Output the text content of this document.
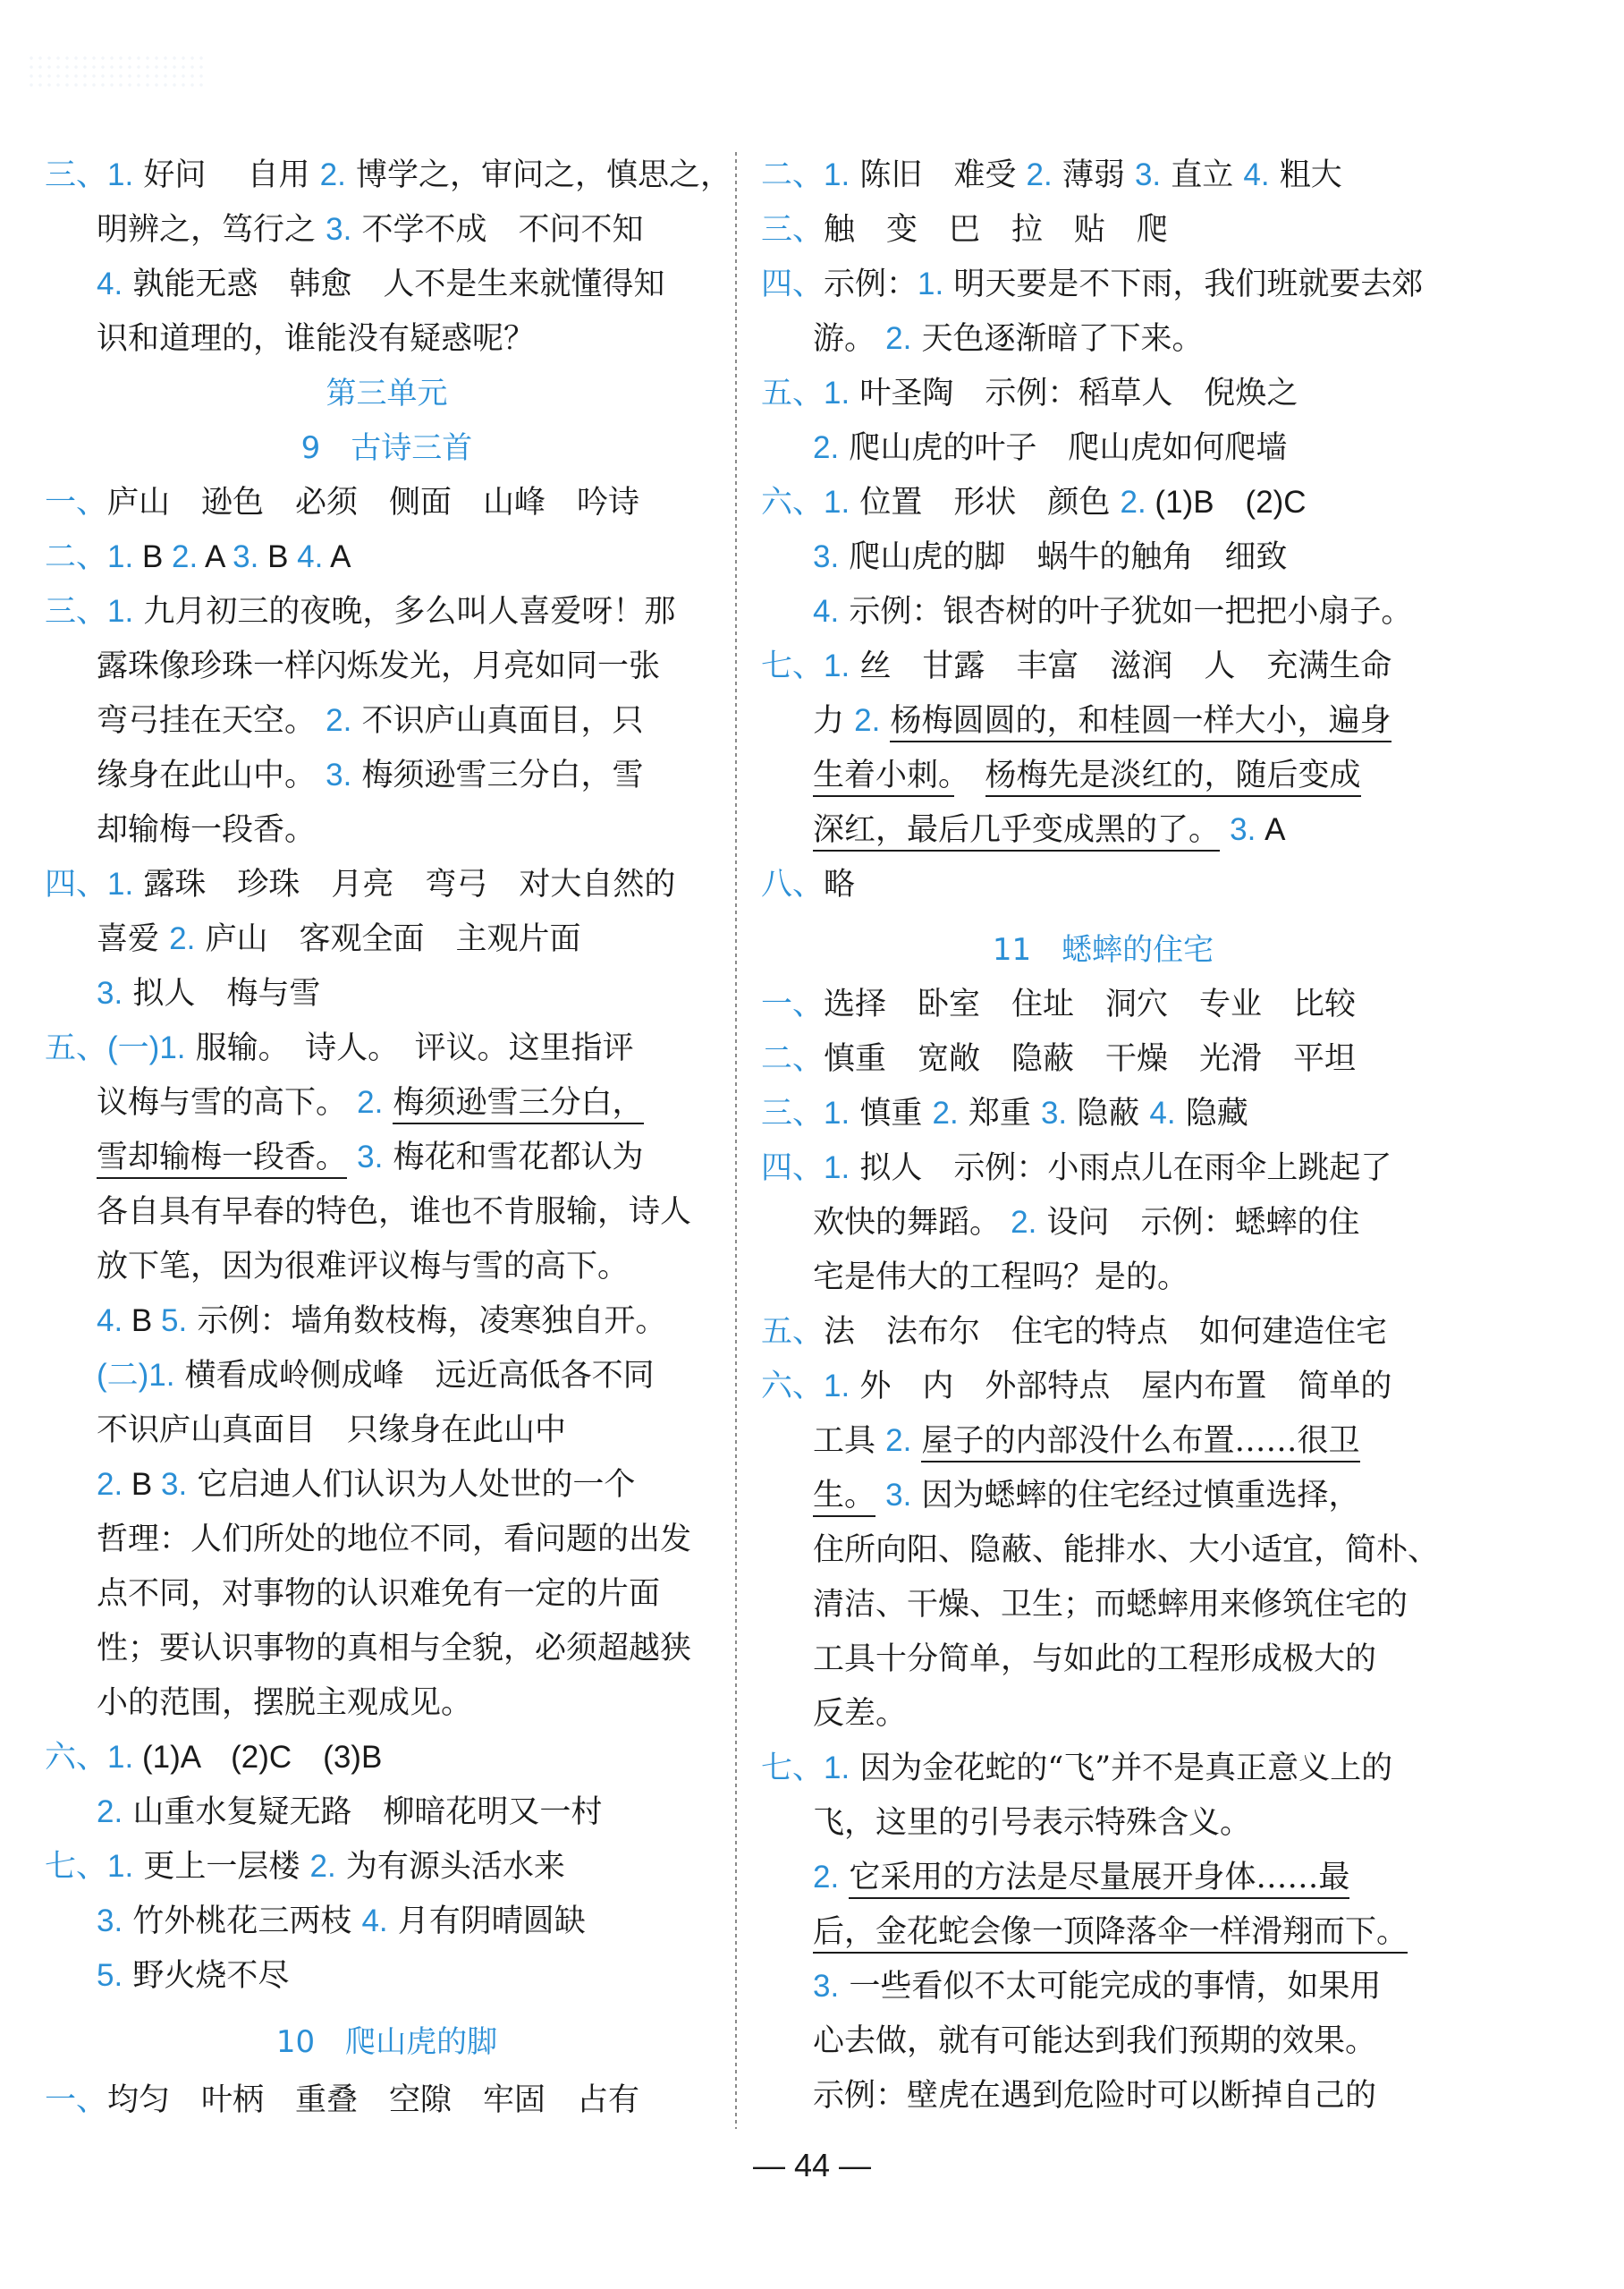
三、1. 好问　 自用 2. 博学之，审问之，慎思之，
明辨之，笃行之 3. 不学不成　不问不知
4. 孰能无惑　韩愈　人不是生来就懂得知
识和道理的，谁能没有疑惑呢？
第三单元
9　古诗三首
一、庐山　逊色　必须　侧面　山峰　吟诗
二、1. B 2. A 3. B 4. A
三、1. 九月初三的夜晚，多么叫人喜爱呀！那
露珠像珍珠一样闪烁发光，月亮如同一张
弯弓挂在天空。 2. 不识庐山真面目，只
缘身在此山中。 3. 梅须逊雪三分白，雪
却输梅一段香。
四、1. 露珠　珍珠　月亮　弯弓　对大自然的
喜爱 2. 庐山　客观全面　主观片面
3. 拟人　梅与雪
五、(一)1. 服输。　诗人。　评议。这里指评
议梅与雪的高下。 2. 梅须逊雪三分白，
雪却输梅一段香。 3. 梅花和雪花都认为
各自具有早春的特色，谁也不肯服输，诗人
放下笔，因为很难评议梅与雪的高下。
4. B 5. 示例：墙角数枝梅，凌寒独自开。
(二)1. 横看成岭侧成峰　远近高低各不同
不识庐山真面目　只缘身在此山中
2. B 3. 它启迪人们认识为人处世的一个
哲理：人们所处的地位不同，看问题的出发
点不同，对事物的认识难免有一定的片面
性；要认识事物的真相与全貌，必须超越狭
小的范围，摆脱主观成见。
六、1. (1)A　(2)C　(3)B
2. 山重水复疑无路　柳暗花明又一村
七、1. 更上一层楼 2. 为有源头活水来
3. 竹外桃花三两枝 4. 月有阴晴圆缺
5. 野火烧不尽
10　爬山虎的脚
一、均匀　叶柄　重叠　空隙　牢固　占有
二、1. 陈旧　难受 2. 薄弱 3. 直立 4. 粗大
三、触　变　巴　拉　贴　爬
四、示例：1. 明天要是不下雨，我们班就要去郊
游。 2. 天色逐渐暗了下来。
五、1. 叶圣陶　示例：稻草人　倪焕之
2. 爬山虎的叶子　爬山虎如何爬墙
六、1. 位置　形状　颜色 2. (1)B　(2)C
3. 爬山虎的脚　蜗牛的触角　细致
4. 示例：银杏树的叶子犹如一把把小扇子。
七、1. 丝　甘露　丰富　滋润　人　充满生命
力 2. 杨梅圆圆的，和桂圆一样大小，遍身
生着小刺。　 杨梅先是淡红的，随后变成
深红，最后几乎变成黑的了。 3. A
八、略
11　蟋蟀的住宅
一、选择　卧室　住址　洞穴　专业　比较
二、慎重　宽敞　隐蔽　干燥　光滑　平坦
三、1. 慎重 2. 郑重 3. 隐蔽 4. 隐藏
四、1. 拟人　示例：小雨点儿在雨伞上跳起了
欢快的舞蹈。 2. 设问　示例：蟋蟀的住
宅是伟大的工程吗？是的。
五、法　法布尔　住宅的特点　如何建造住宅
六、1. 外　内　外部特点　屋内布置　简单的
工具 2. 屋子的内部没什么布置……很卫
生。 3. 因为蟋蟀的住宅经过慎重选择，
住所向阳、隐蔽、能排水、大小适宜，简朴、
清洁、干燥、卫生；而蟋蟀用来修筑住宅的
工具十分简单，与如此的工程形成极大的
反差。
七、1. 因为金花蛇的“飞”并不是真正意义上的
飞，这里的引号表示特殊含义。
2. 它采用的方法是尽量展开身体……最
后，金花蛇会像一顶降落伞一样滑翔而下。
3. 一些看似不太可能完成的事情，如果用
心去做，就有可能达到我们预期的效果。
示例：壁虎在遇到危险时可以断掉自己的
— 44 —
